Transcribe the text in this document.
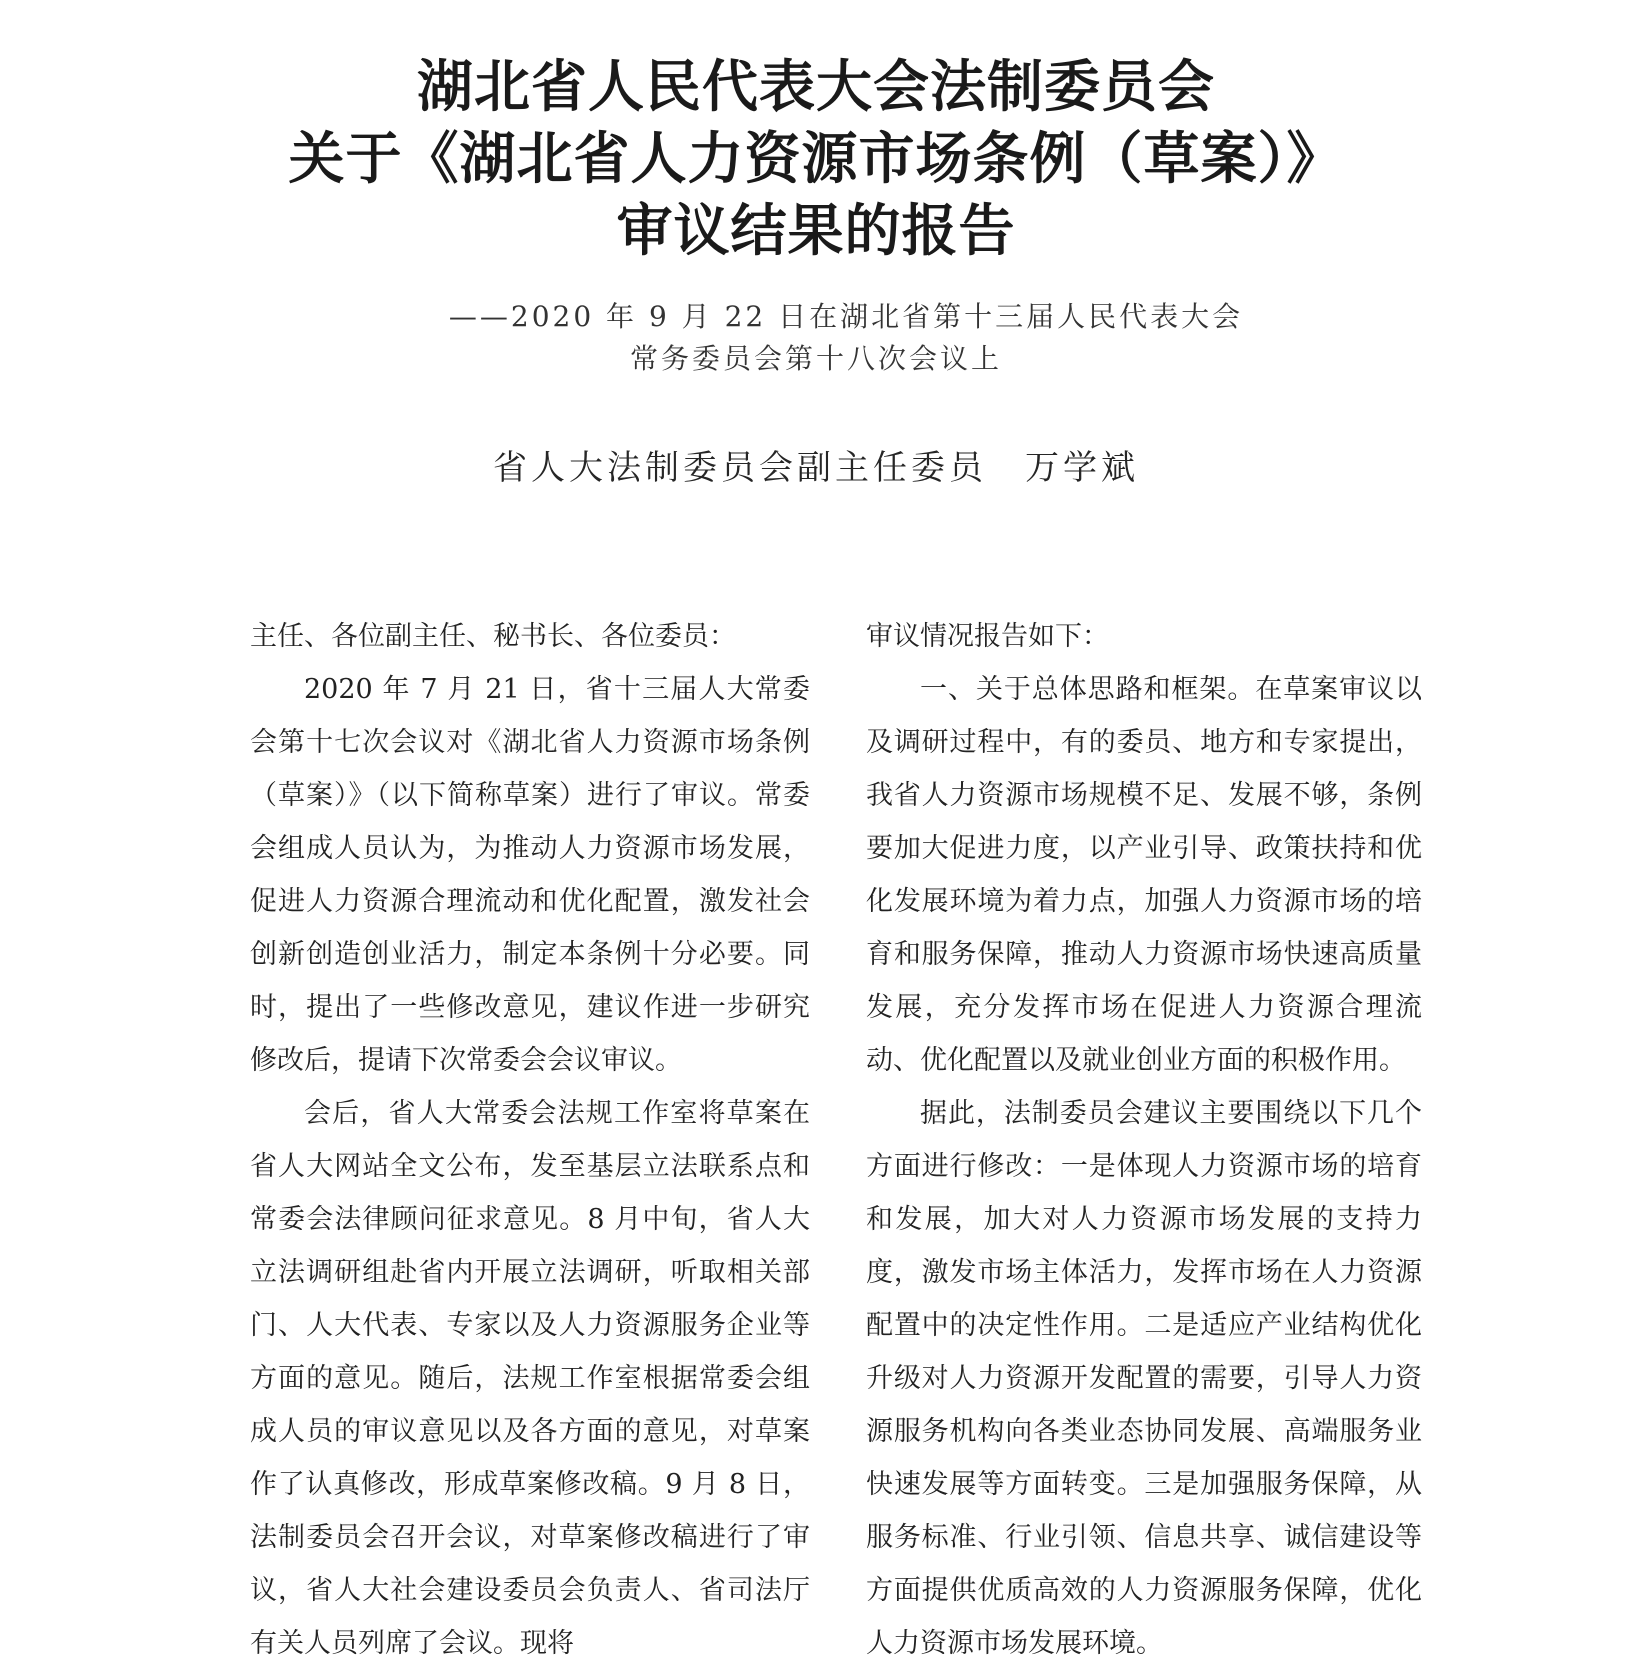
湖北省人民代表大会法制委员会
关于《湖北省人力资源市场条例（草案）》
审议结果的报告
——2020 年 9 月 22 日在湖北省第十三届人民代表大会
常务委员会第十八次会议上
省人大法制委员会副主任委员 万学斌

主任、各位副主任、秘书长、各位委员：

2020 年 7 月 21 日，省十三届人大常委会第十七次会议对《湖北省人力资源市场条例（草案）》（以下简称草案）进行了审议。常委会组成人员认为，为推动人力资源市场发展，促进人力资源合理流动和优化配置，激发社会创新创造创业活力，制定本条例十分必要。同时，提出了一些修改意见，建议作进一步研究修改后，提请下次常委会会议审议。

会后，省人大常委会法规工作室将草案在省人大网站全文公布，发至基层立法联系点和常委会法律顾问征求意见。8 月中旬，省人大立法调研组赴省内开展立法调研，听取相关部门、人大代表、专家以及人力资源服务企业等方面的意见。随后，法规工作室根据常委会组成人员的审议意见以及各方面的意见，对草案作了认真修改，形成草案修改稿。9 月 8 日，法制委员会召开会议，对草案修改稿进行了审议，省人大社会建设委员会负责人、省司法厅有关人员列席了会议。现将

审议情况报告如下：

一、关于总体思路和框架。在草案审议以及调研过程中，有的委员、地方和专家提出，我省人力资源市场规模不足、发展不够，条例要加大促进力度，以产业引导、政策扶持和优化发展环境为着力点，加强人力资源市场的培育和服务保障，推动人力资源市场快速高质量发展，充分发挥市场在促进人力资源合理流动、优化配置以及就业创业方面的积极作用。

据此，法制委员会建议主要围绕以下几个方面进行修改：一是体现人力资源市场的培育和发展，加大对人力资源市场发展的支持力度，激发市场主体活力，发挥市场在人力资源配置中的决定性作用。二是适应产业结构优化升级对人力资源开发配置的需要，引导人力资源服务机构向各类业态协同发展、高端服务业快速发展等方面转变。三是加强服务保障，从服务标准、行业引领、信息共享、诚信建设等方面提供优质高效的人力资源服务保障，优化人力资源市场发展环境。
